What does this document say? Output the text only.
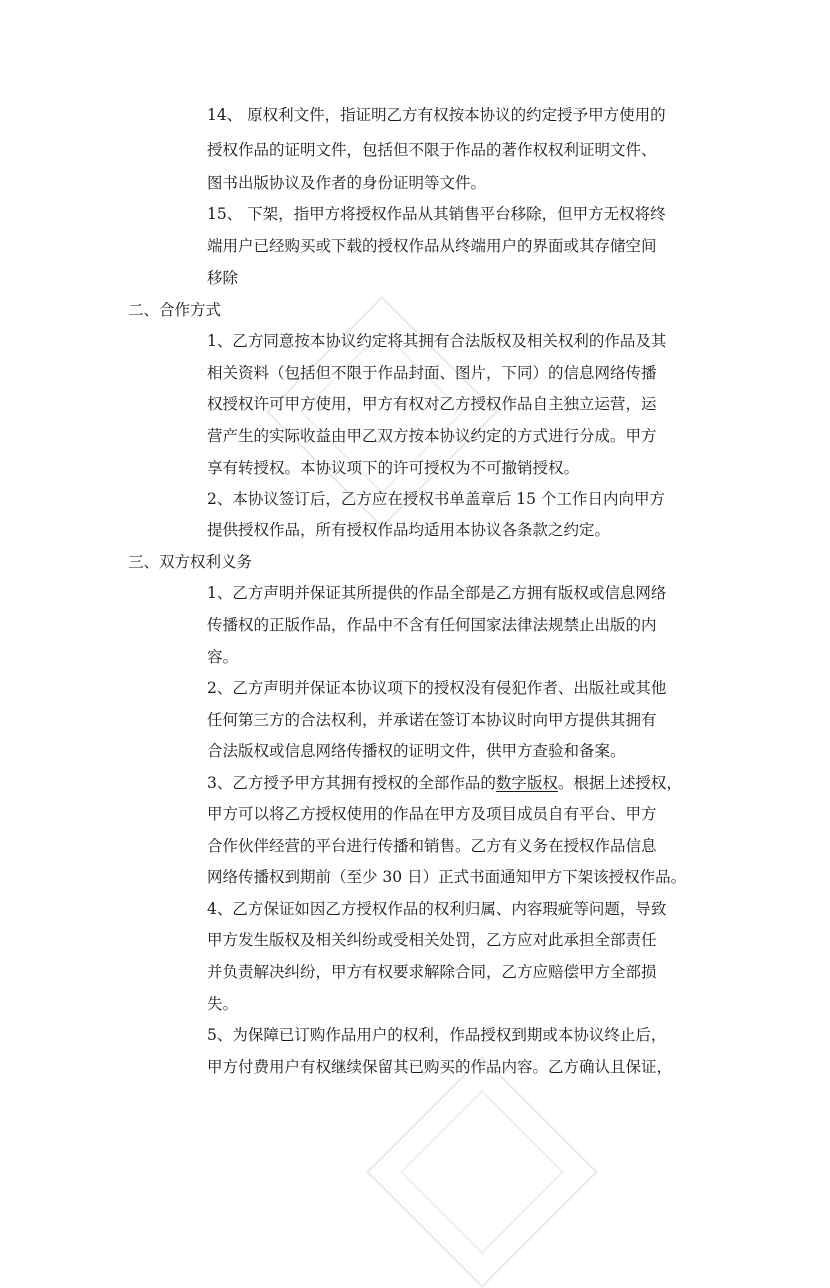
14、 原权利文件，指证明乙方有权按本协议的约定授予甲方使用的
授权作品的证明文件，包括但不限于作品的著作权权利证明文件、
图书出版协议及作者的身份证明等文件。
15、 下架，指甲方将授权作品从其销售平台移除，但甲方无权将终
端用户已经购买或下载的授权作品从终端用户的界面或其存储空间
移除
二、合作方式
1、乙方同意按本协议约定将其拥有合法版权及相关权利的作品及其
相关资料（包括但不限于作品封面、图片，下同）的信息网络传播
权授权许可甲方使用，甲方有权对乙方授权作品自主独立运营，运
营产生的实际收益由甲乙双方按本协议约定的方式进行分成。甲方
享有转授权。本协议项下的许可授权为不可撤销授权。
2、本协议签订后，乙方应在授权书单盖章后 15 个工作日内向甲方
提供授权作品，所有授权作品均适用本协议各条款之约定。
三、双方权利义务
1、乙方声明并保证其所提供的作品全部是乙方拥有版权或信息网络
传播权的正版作品，作品中不含有任何国家法律法规禁止出版的内
容。
2、乙方声明并保证本协议项下的授权没有侵犯作者、出版社或其他
任何第三方的合法权利，并承诺在签订本协议时向甲方提供其拥有
合法版权或信息网络传播权的证明文件，供甲方查验和备案。
3、乙方授予甲方其拥有授权的全部作品的数字版权。根据上述授权，
甲方可以将乙方授权使用的作品在甲方及项目成员自有平台、甲方
合作伙伴经营的平台进行传播和销售。乙方有义务在授权作品信息
网络传播权到期前（至少 30 日）正式书面通知甲方下架该授权作品。
4、乙方保证如因乙方授权作品的权利归属、内容瑕疵等问题，导致
甲方发生版权及相关纠纷或受相关处罚，乙方应对此承担全部责任
并负责解决纠纷，甲方有权要求解除合同，乙方应赔偿甲方全部损
失。
5、为保障已订购作品用户的权利，作品授权到期或本协议终止后，
甲方付费用户有权继续保留其已购买的作品内容。乙方确认且保证，
